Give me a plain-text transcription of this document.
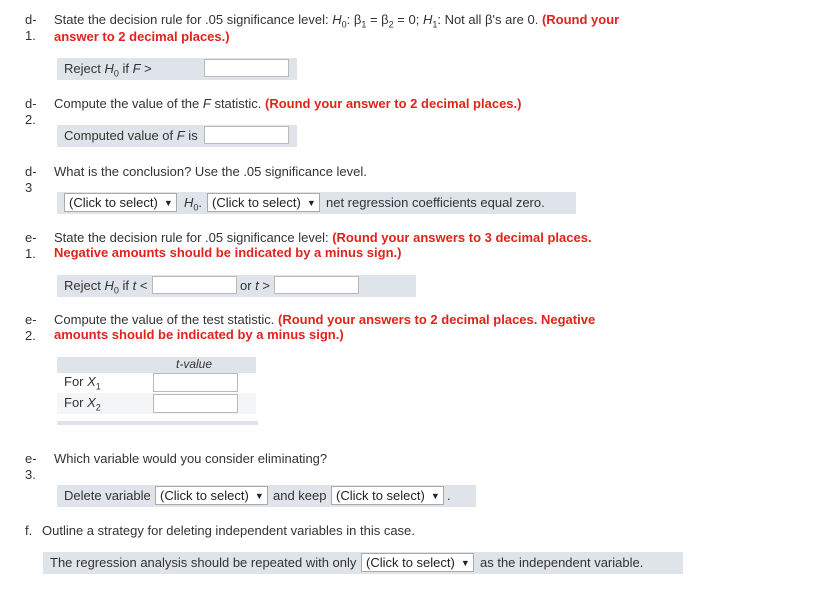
d-1.
State the decision rule for .05 significance level: $H_0$: $\beta_1 = \beta_2 = 0$; $H_1$: Not all β's are 0. (Round your
answer to 2 decimal places.)
Reject $H_0$ if F >
d-2.
Compute the value of the F statistic. (Round your answer to 2 decimal places.)
Computed value of F is
d-3
What is the conclusion? Use the .05 significance level.
(Click to select) ▼ $H_0$. (Click to select) ▼ net regression coefficients equal zero.
e-1.
State the decision rule for .05 significance level: (Round your answers to 3 decimal places.
Negative amounts should be indicated by a minus sign.)
Reject $H_0$ if t <	or t >
e-2.
Compute the value of the test statistic. (Round your answers to 2 decimal places. Negative
amounts should be indicated by a minus sign.)
t-value
For $X_1$
For $X_2$
e-3.
Which variable would you consider eliminating?
Delete variable (Click to select) ▼ and keep (Click to select) ▼ .
f. Outline a strategy for deleting independent variables in this case.
The regression analysis should be repeated with only (Click to select) ▼ as the independent variable.
